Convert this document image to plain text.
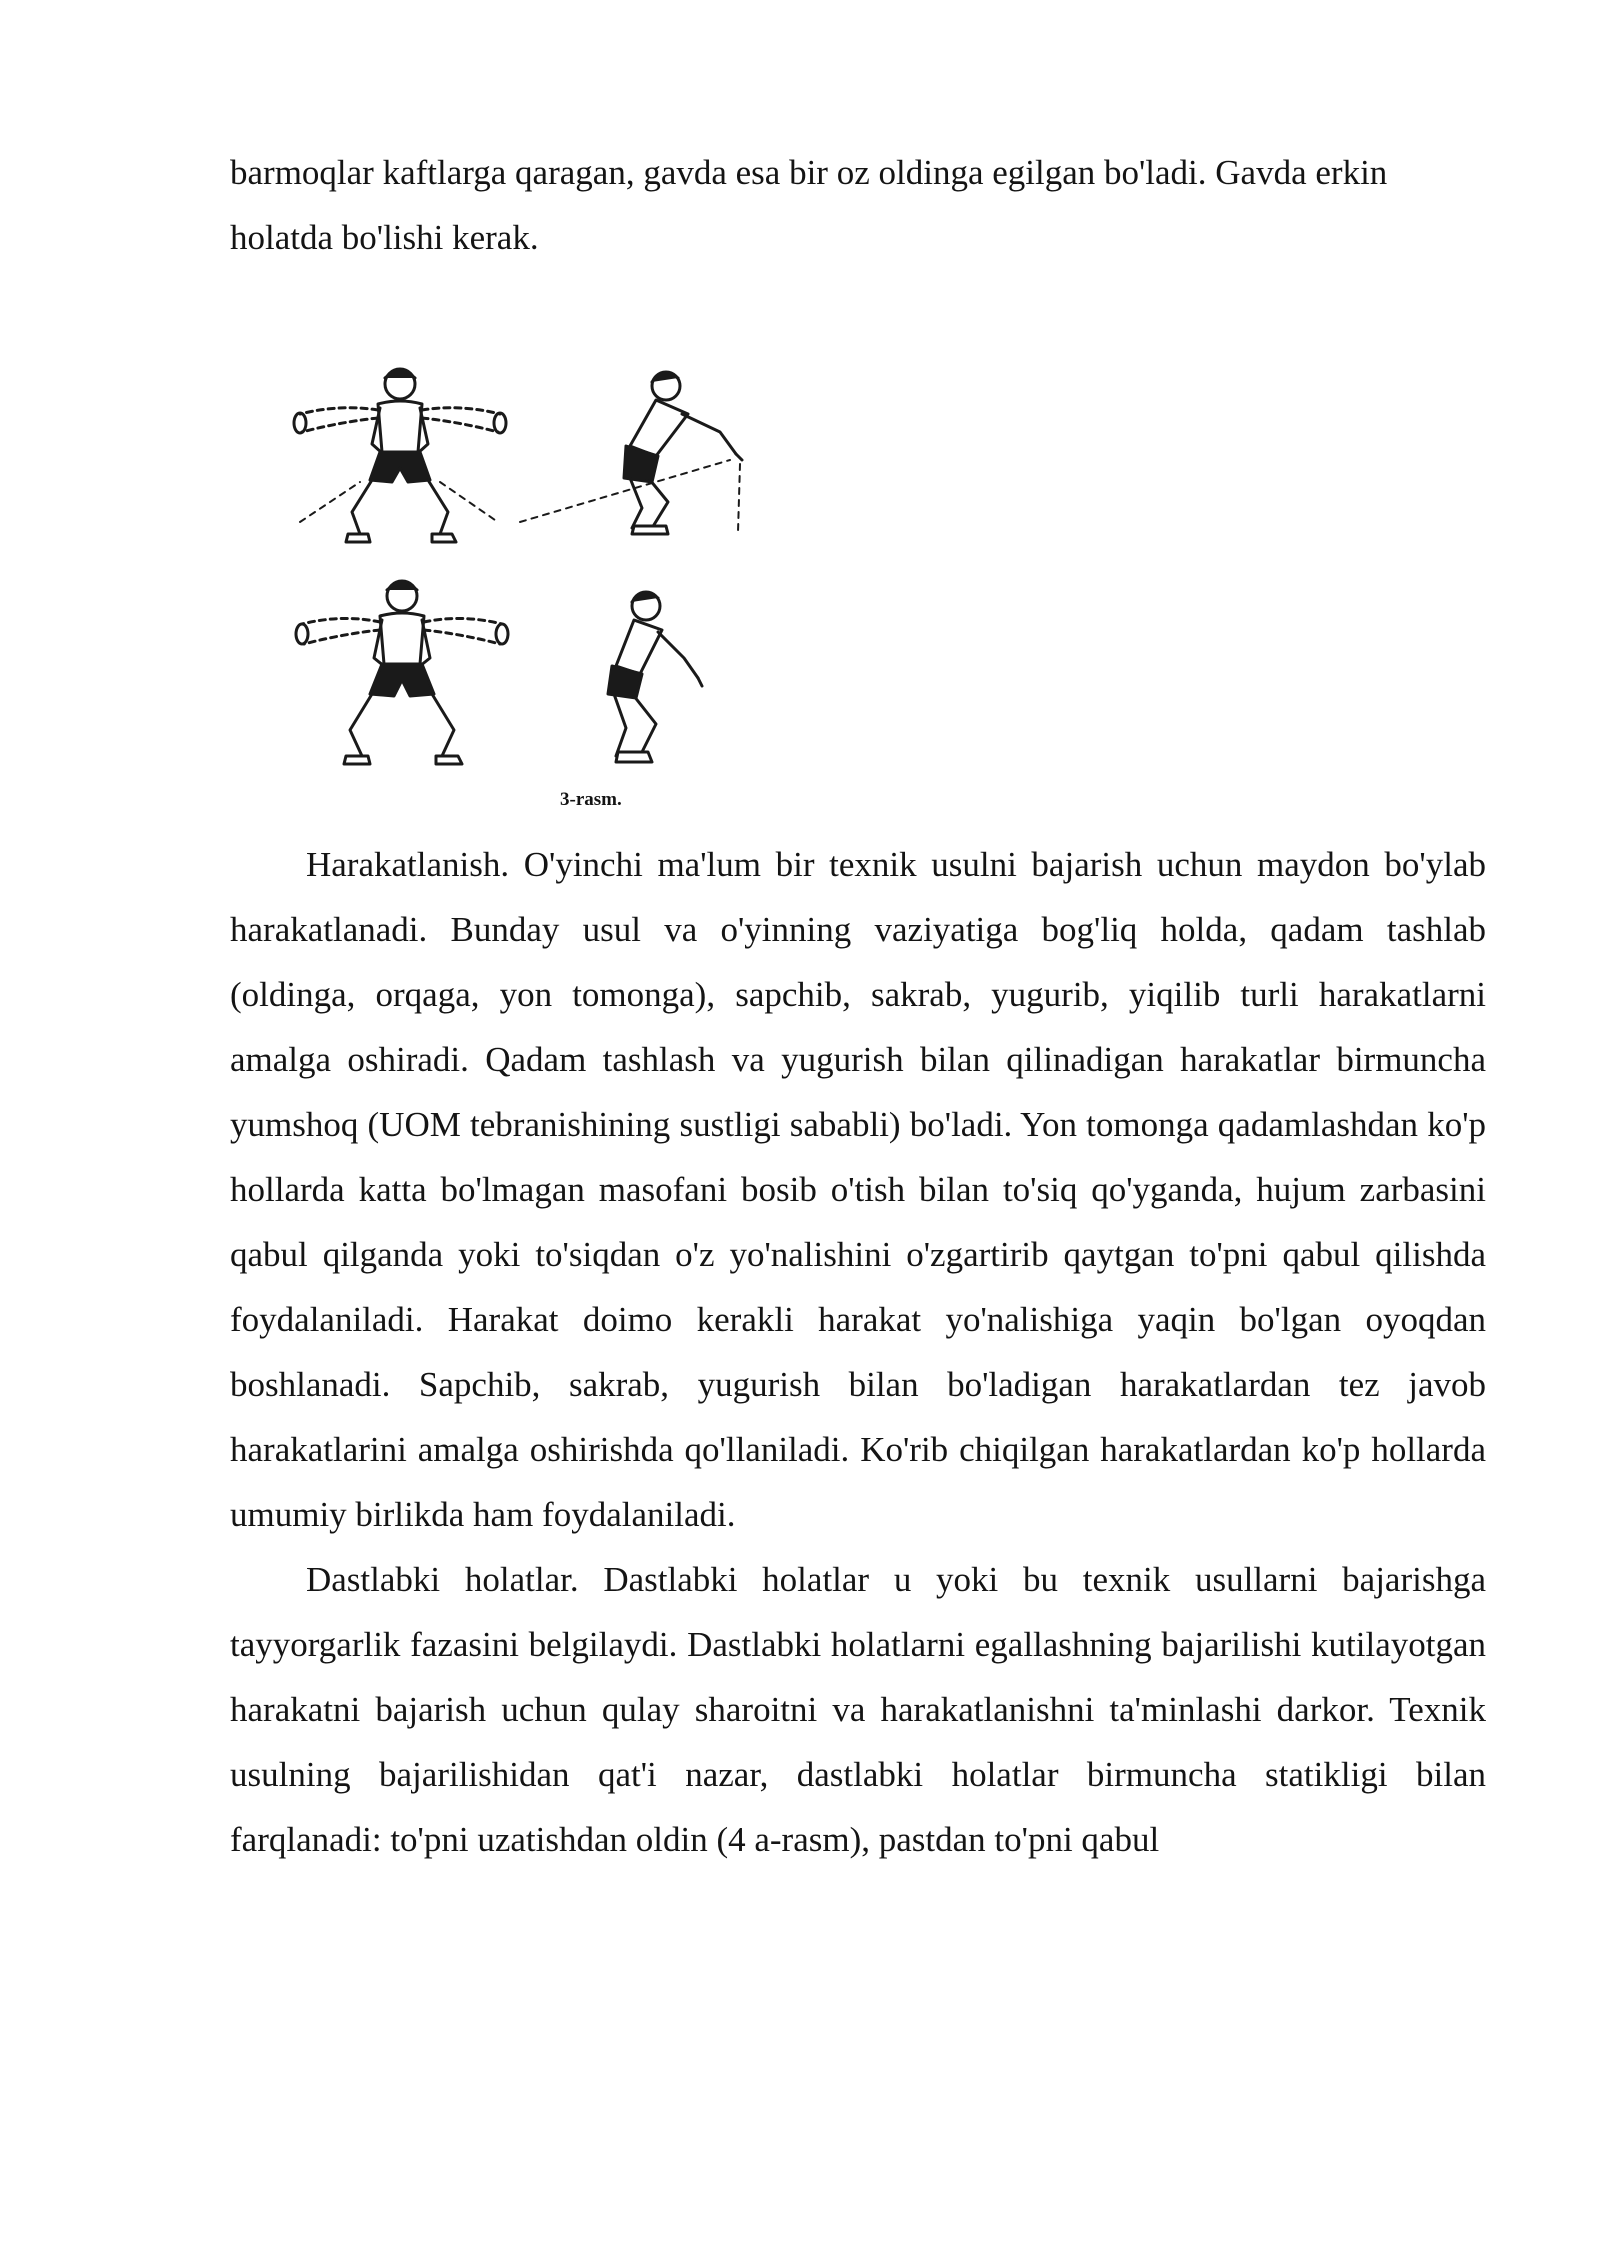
barmoqlar kaftlarga qaragan, gavda esa bir oz oldinga egilgan bo'ladi. Gavda erkin holatda bo'lishi kerak.

3-rasm.

Harakatlanish. O'yinchi ma'lum bir texnik usulni bajarish uchun maydon bo'ylab harakatlanadi. Bunday usul va o'yinning vaziyatiga bog'liq holda, qadam tashlab (oldinga, orqaga, yon tomonga), sapchib, sakrab, yugurib, yiqilib turli harakatlarni amalga oshiradi. Qadam tashlash va yugurish bilan qilinadigan harakatlar birmuncha yumshoq (UOM tebranishining sustligi sababli) bo'ladi. Yon tomonga qadamlashdan ko'p hollarda katta bo'lmagan masofani bosib o'tish bilan to'siq qo'yganda, hujum zarbasini qabul qilganda yoki to'siqdan o'z yo'nalishini o'zgartirib qaytgan to'pni qabul qilishda foydalaniladi. Harakat doimo kerakli harakat yo'nalishiga yaqin bo'lgan oyoqdan boshlanadi. Sapchib, sakrab, yugurish bilan bo'ladigan harakatlardan tez javob harakatlarini amalga oshirishda qo'llaniladi. Ko'rib chiqilgan harakatlardan ko'p hollarda umumiy birlikda ham foydalaniladi.

Dastlabki holatlar. Dastlabki holatlar u yoki bu texnik usullarni bajarishga tayyorgarlik fazasini belgilaydi. Dastlabki holatlarni egallashning bajarilishi kutilayotgan harakatni bajarish uchun qulay sharoitni va harakatlanishni ta'minlashi darkor. Texnik usulning bajarilishidan qat'i nazar, dastlabki holatlar birmuncha statikligi bilan farqlanadi: to'pni uzatishdan oldin (4 a-rasm), pastdan to'pni qabul
